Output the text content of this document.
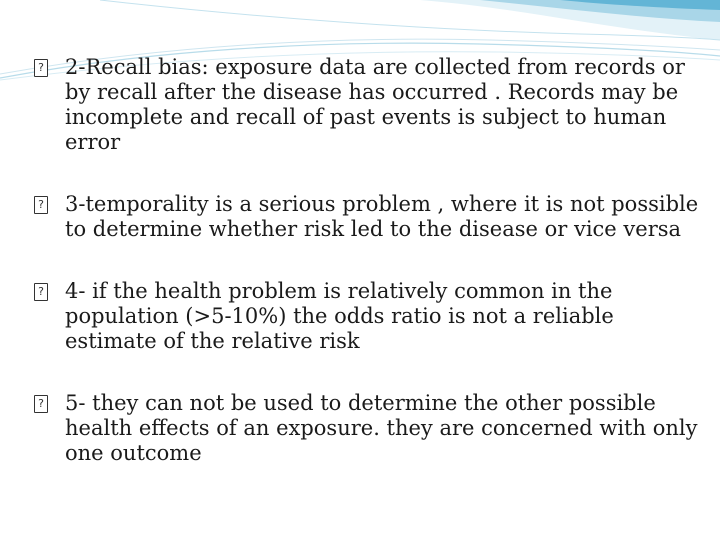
? 2-Recall bias: exposure data are collected from records or by recall after the disease has occurred . Records may be incomplete and recall of past events is subject to human error

? 3-temporality is a serious problem , where it is not possible to determine whether risk led to the disease or vice versa

? 4- if the health problem is relatively common in the population (>5-10%) the odds ratio is not a reliable estimate of the relative risk

? 5- they can not be used to determine the other possible health effects of an exposure. they are concerned with only one outcome
